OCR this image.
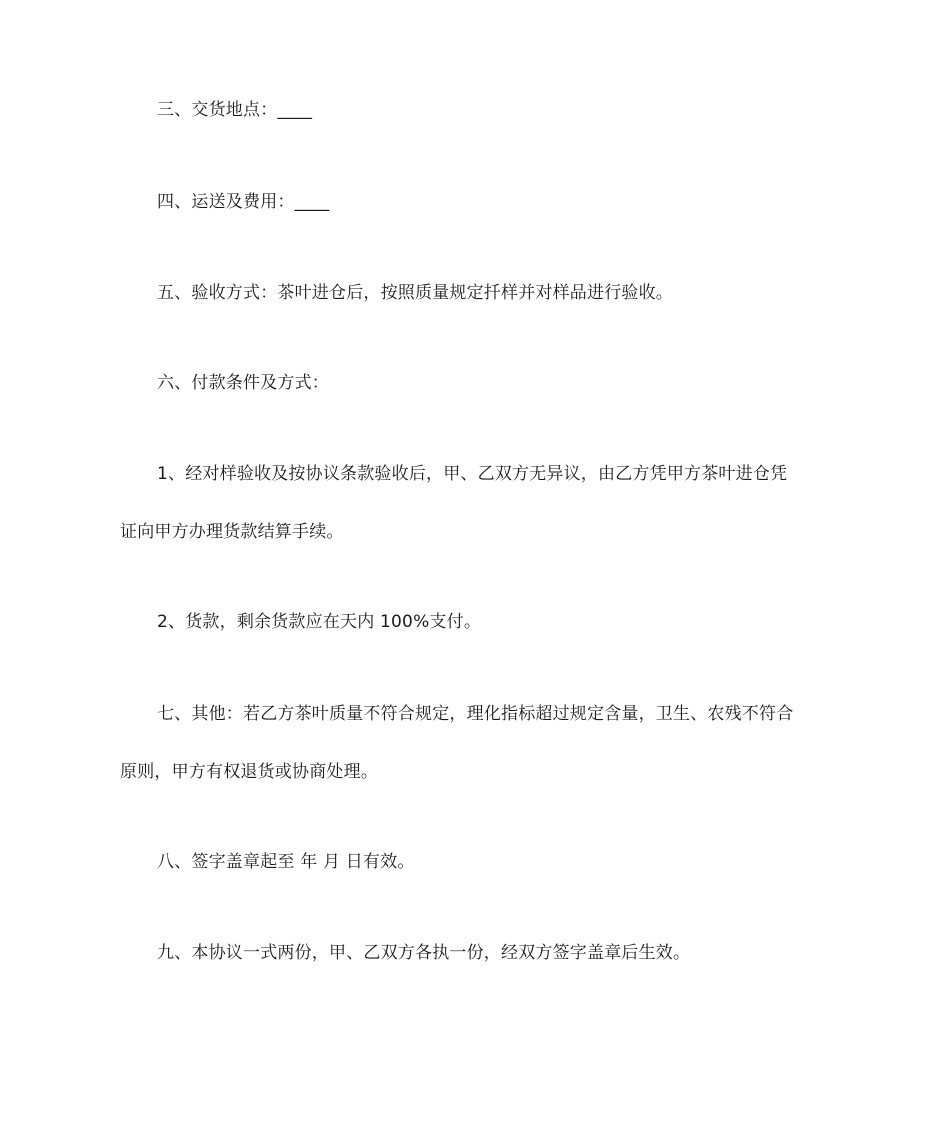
三、交货地点：____

四、运送及费用：____

五、验收方式：茶叶进仓后，按照质量规定扦样并对样品进行验收。

六、付款条件及方式：

1、经对样验收及按协议条款验收后，甲、乙双方无异议，由乙方凭甲方茶叶进仓凭

证向甲方办理货款结算手续。

2、货款，剩余货款应在天内 100%支付。

七、其他：若乙方茶叶质量不符合规定，理化指标超过规定含量，卫生、农残不符合

原则，甲方有权退货或协商处理。

八、签字盖章起至 年 月 日有效。

九、本协议一式两份，甲、乙双方各执一份，经双方签字盖章后生效。
